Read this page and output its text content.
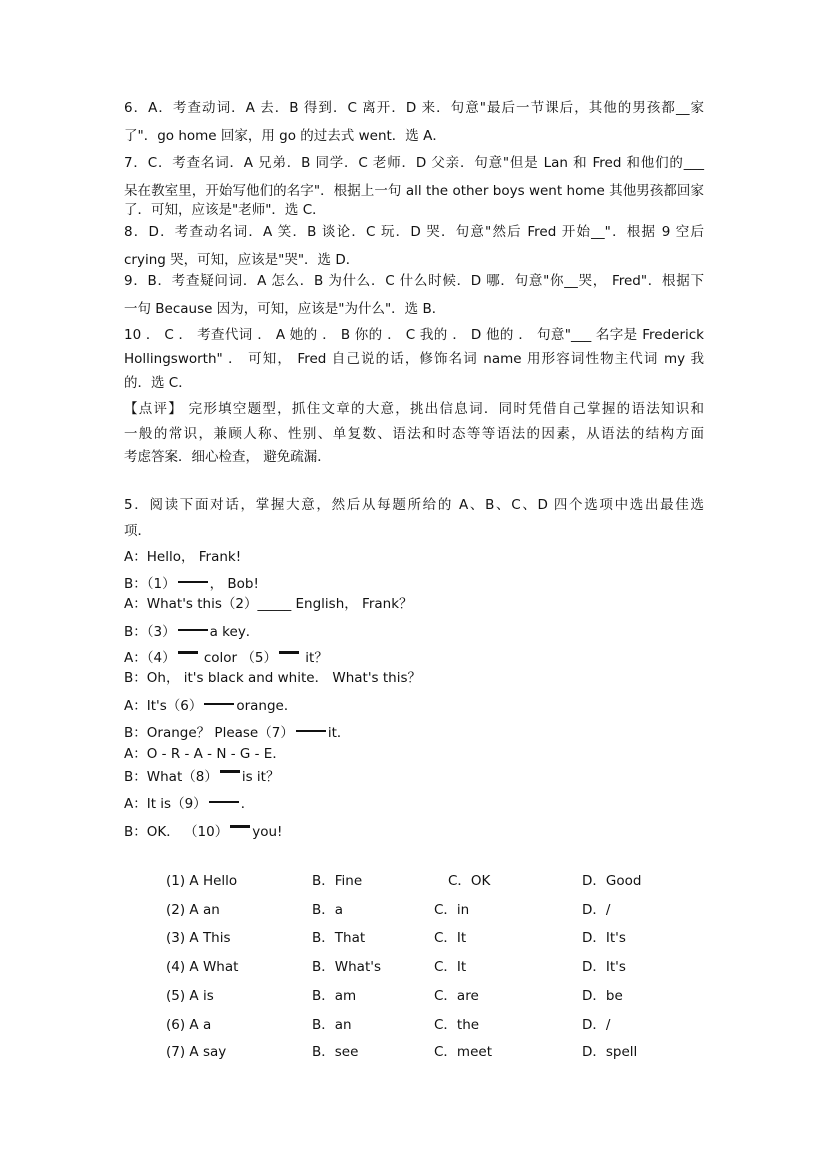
6．A．考查动词．A 去．B 得到．C 离开．D 来．句意"最后一节课后，其他的男孩都__家
了"．go home 回家，用 go 的过去式 went．选 A．
7．C．考查名词．A 兄弟．B 同学．C 老师．D 父亲．句意"但是 Lan 和 Fred 和他们的___
呆在教室里，开始写他们的名字"．根据上一句 all the other boys went home 其他男孩都回家
了．可知，应该是"老师"．选 C．
8．D．考查动名词．A 笑．B 谈论．C 玩．D 哭．句意"然后 Fred 开始__"．根据 9 空后
crying 哭，可知，应该是"哭"．选 D．
9．B．考查疑问词．A 怎么．B 为什么．C 什么时候．D 哪．句意"你__哭， Fred"．根据下
一句 Because 因为，可知，应该是"为什么"．选 B．
10 ． C ． 考查代词 ． A 她的 ． B 你的 ． C 我的 ． D 他的 ． 句意"___ 名字是 Frederick
Hollingsworth" ． 可知， Fred 自己说的话，修饰名词 name 用形容词性物主代词 my 我
的．选 C．
【点评】 完形填空题型，抓住文章的大意，挑出信息词．同时凭借自己掌握的语法知识和
一般的常识，兼顾人称、性别、单复数、语法和时态等等语法的因素，从语法的结构方面
考虑答案．细心检查， 避免疏漏．
5．阅读下面对话，掌握大意，然后从每题所给的 A、B、C、D 四个选项中选出最佳选
项．
A：Hello， Frank!
B：（1）	， Bob!
A：What's this（2）_____ English， Frank？
B：（3）	a key．
A：（4） color （5） it？
B：Oh， it's black and white． What's this？
A：It's（6）	orange．
B：Orange？ Please（7）	it．
A：O - R - A - N - G - E．
B：What（8） is it？
A：It is（9）	．
B：OK． （10） you!
(1) A Hello	B．Fine	C．OK	D．Good
(2) A an	B．a	C．in	D．/
(3) A This	B．That	C．It	D．It's
(4) A What	B．What's	C．It	D．It's
(5) A is	B．am	C．are	D．be
(6) A a	B．an	C．the	D．/
(7) A say	B．see	C．meet	D．spell
